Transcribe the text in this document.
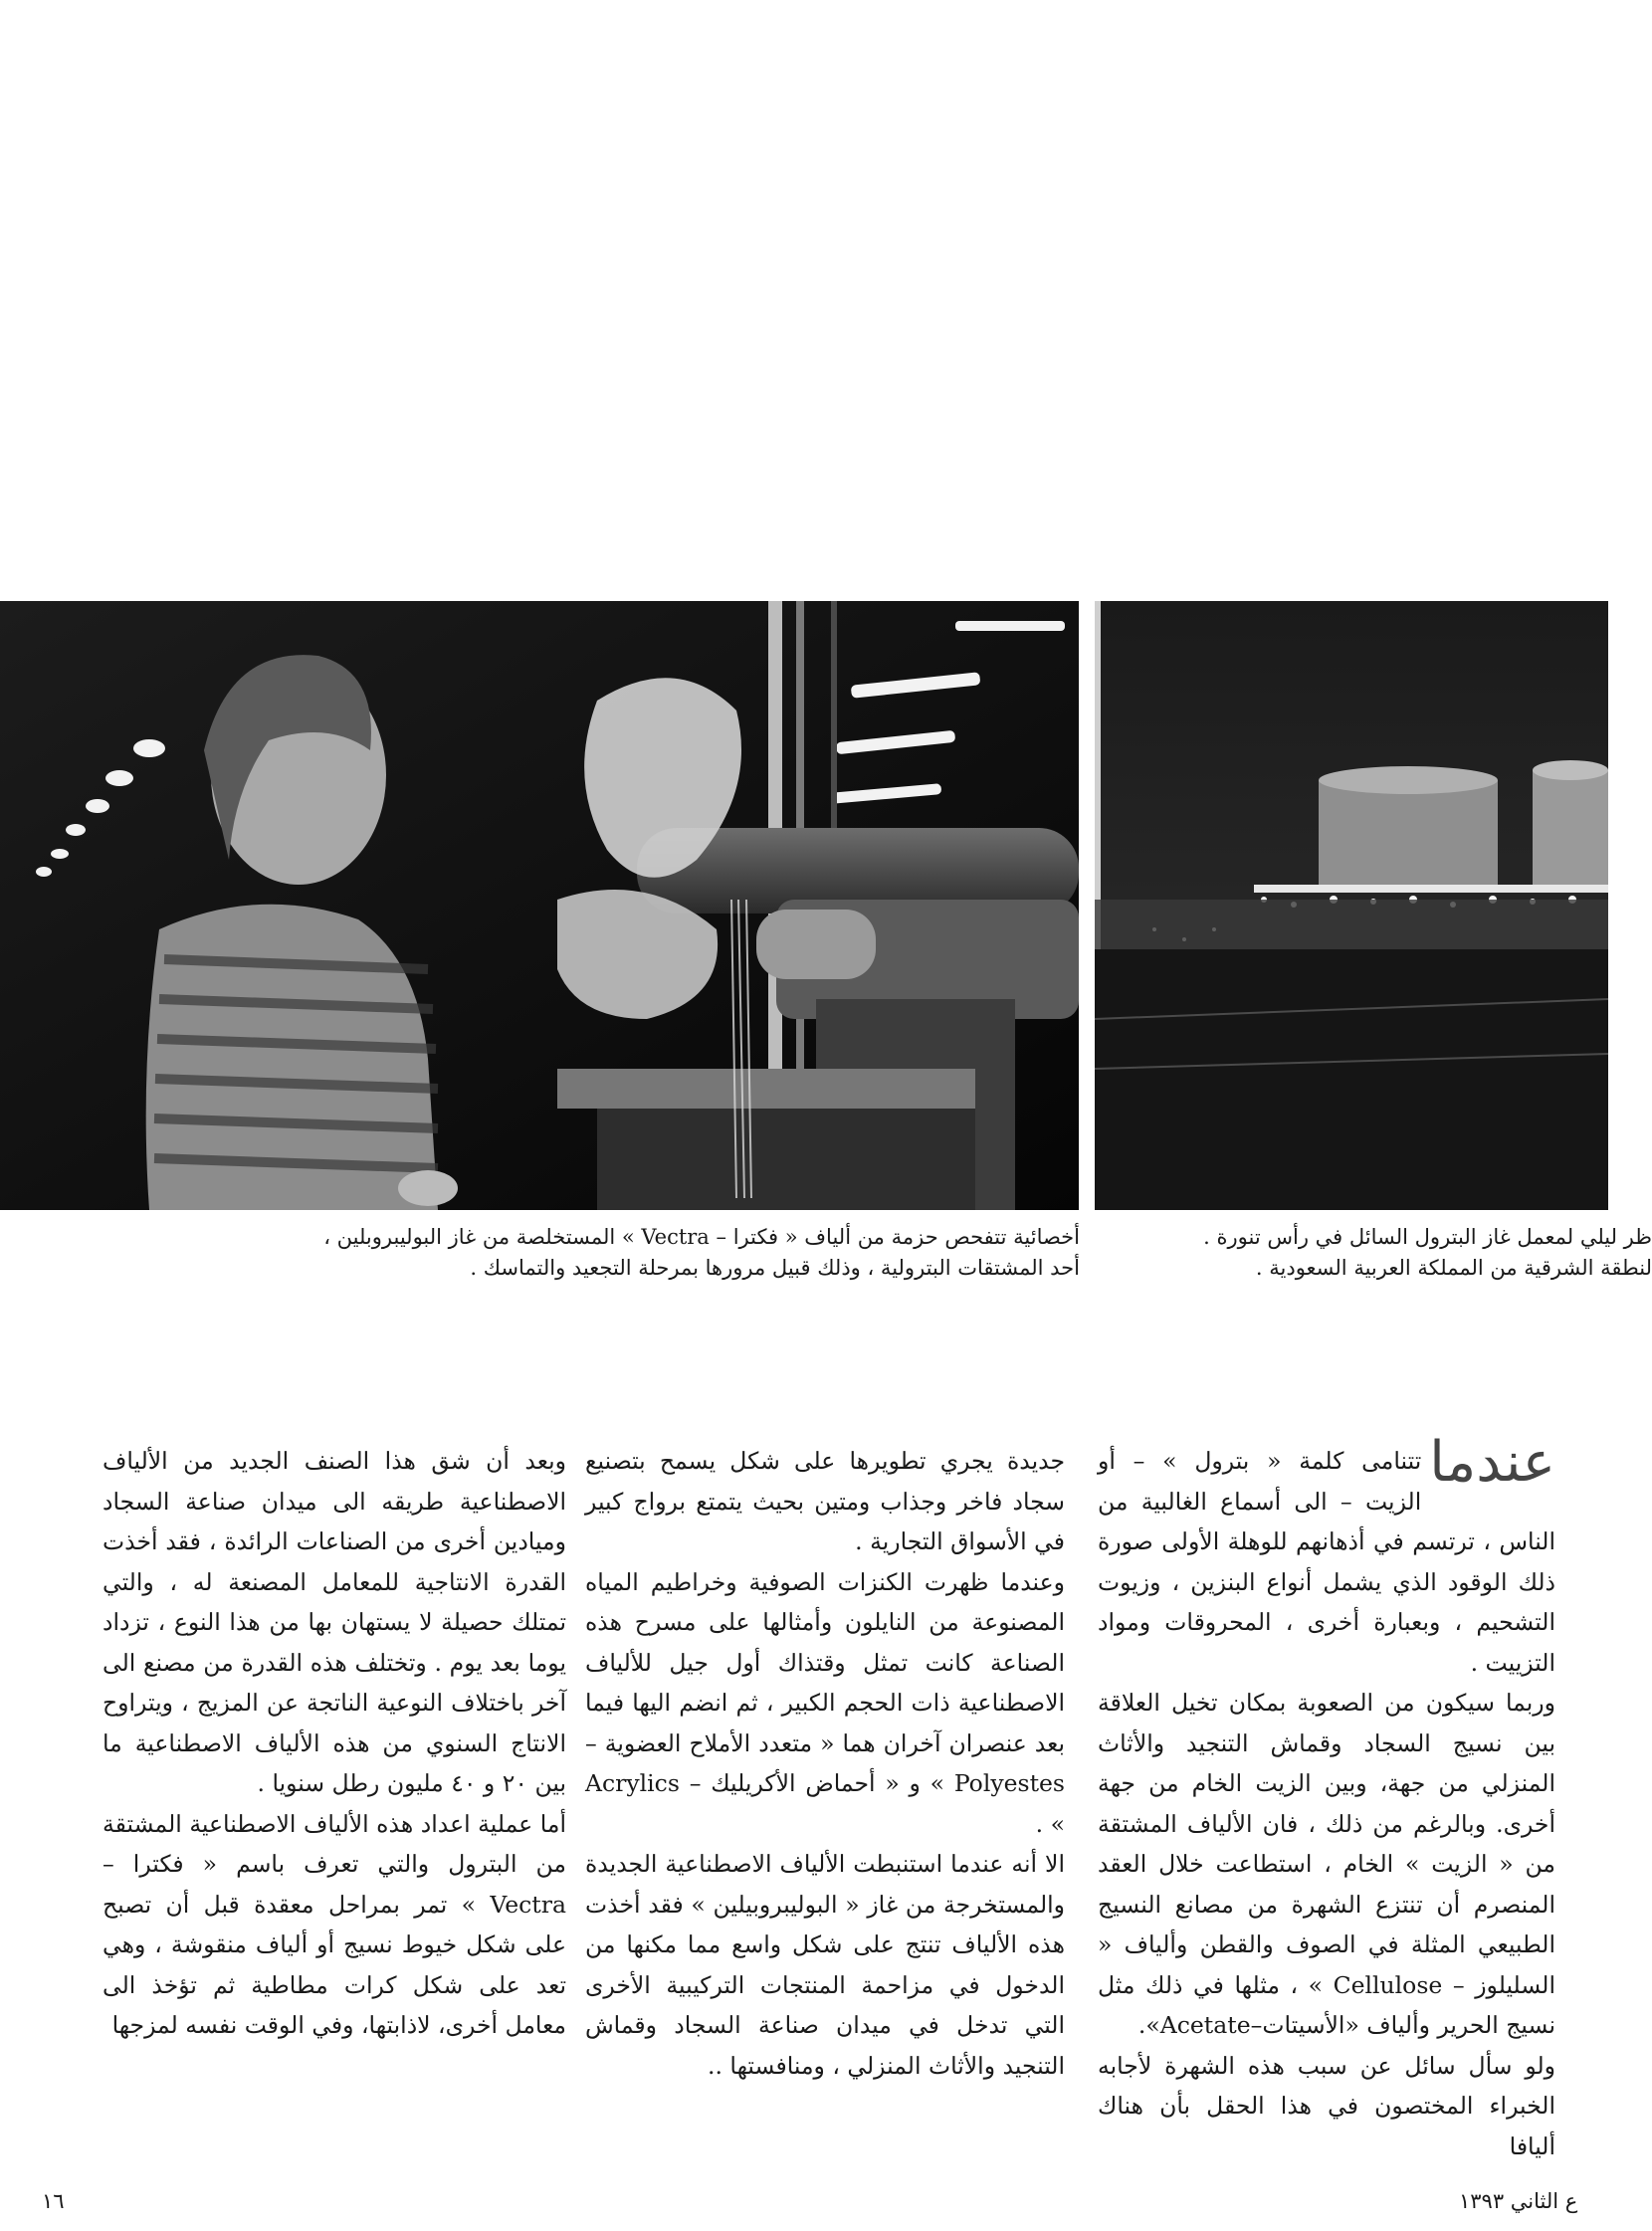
أخصائية تتفحص حزمة من ألياف « فكترا – Vectra » المستخلصة من غاز البوليبروبلين ،
أحد المشتقات البترولية ، وذلك قبيل مرورها بمرحلة التجعيد والتماسك .
ظر ليلي لمعمل غاز البترول السائل في رأس تنورة .
لنطقة الشرقية من المملكة العربية السعودية .
عندما

تتنامى كلمة « بترول » – أو الزيت – الى أسماع الغالبية من الناس ، ترتسم في أذهانهم للوهلة الأولى صورة ذلك الوقود الذي يشمل أنواع البنزين ، وزيوت التشحيم ، وبعبارة أخرى ، المحروقات ومواد التزييت .

وربما سيكون من الصعوبة بمكان تخيل العلاقة بين نسيج السجاد وقماش التنجيد والأثاث المنزلي من جهة، وبين الزيت الخام من جهة أخرى. وبالرغم من ذلك ، فان الألياف المشتقة من « الزيت » الخام ، استطاعت خلال العقد المنصرم أن تنتزع الشهرة من مصانع النسيج الطبيعي المثلة في الصوف والقطن وألياف « السليلوز – Cellulose » ، مثلها في ذلك مثل نسيج الحرير وألياف «الأسيتات–Acetate».

ولو سأل سائل عن سبب هذه الشهرة لأجابه الخبراء المختصون في هذا الحقل بأن هناك أليافا

جديدة يجري تطويرها على شكل يسمح بتصنيع سجاد فاخر وجذاب ومتين بحيث يتمتع برواج كبير في الأسواق التجارية .

وعندما ظهرت الكنزات الصوفية وخراطيم المياه المصنوعة من النايلون وأمثالها على مسرح هذه الصناعة كانت تمثل وقتذاك أول جيل للألياف الاصطناعية ذات الحجم الكبير ، ثم انضم اليها فيما بعد عنصران آخران هما « متعدد الأملاح العضوية – Polyestes » و « أحماض الأكريليك – Acrylics » .

الا أنه عندما استنبطت الألياف الاصطناعية الجديدة والمستخرجة من غاز « البوليبروبيلين » فقد أخذت هذه الألياف تنتج على شكل واسع مما مكنها من الدخول في مزاحمة المنتجات التركيبية الأخرى التي تدخل في ميدان صناعة السجاد وقماش التنجيد والأثاث المنزلي ، ومنافستها ..

وبعد أن شق هذا الصنف الجديد من الألياف الاصطناعية طريقه الى ميدان صناعة السجاد وميادين أخرى من الصناعات الرائدة ، فقد أخذت القدرة الانتاجية للمعامل المصنعة له ، والتي تمتلك حصيلة لا يستهان بها من هذا النوع ، تزداد يوما بعد يوم . وتختلف هذه القدرة من مصنع الى آخر باختلاف النوعية الناتجة عن المزيج ، ويتراوح الانتاج السنوي من هذه الألياف الاصطناعية ما بين ٢٠ و ٤٠ مليون رطل سنويا .

أما عملية اعداد هذه الألياف الاصطناعية المشتقة من البترول والتي تعرف باسم « فكترا – Vectra » تمر بمراحل معقدة قبل أن تصبح على شكل خيوط نسيج أو ألياف منقوشة ، وهي تعد على شكل كرات مطاطية ثم تؤخذ الى معامل أخرى، لاذابتها، وفي الوقت نفسه لمزجها

١٦	ع الثاني ١٣٩٣
